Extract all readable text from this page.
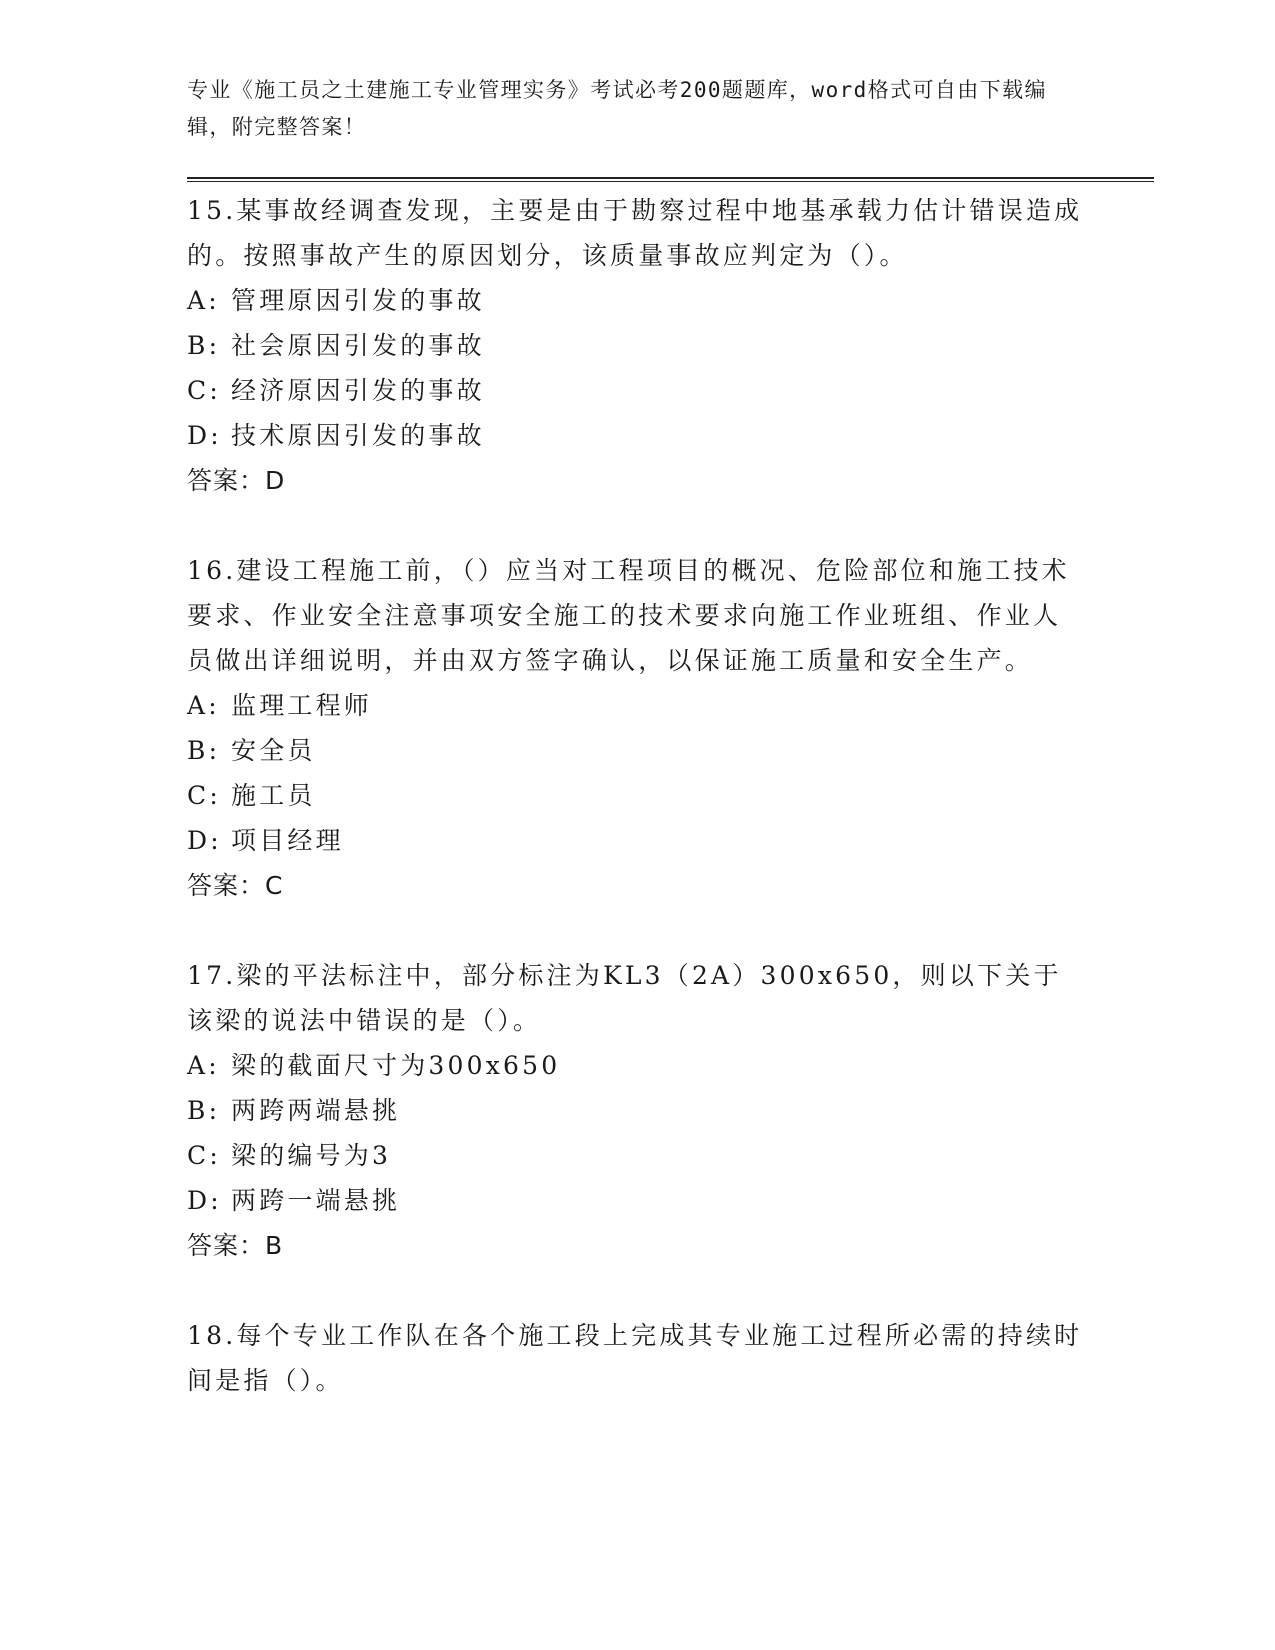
专业《施工员之土建施工专业管理实务》考试必考200题题库，word格式可自由下载编辑，附完整答案！

15.某事故经调查发现，主要是由于勘察过程中地基承载力估计错误造成的。按照事故产生的原因划分，该质量事故应判定为（）。

A: 管理原因引发的事故
B: 社会原因引发的事故
C: 经济原因引发的事故
D: 技术原因引发的事故
答案：D

16.建设工程施工前，（）应当对工程项目的概况、危险部位和施工技术要求、作业安全注意事项安全施工的技术要求向施工作业班组、作业人员做出详细说明，并由双方签字确认，以保证施工质量和安全生产。

A: 监理工程师
B: 安全员
C: 施工员
D: 项目经理
答案：C

17.梁的平法标注中，部分标注为KL3（2A）300x650，则以下关于该梁的说法中错误的是（）。

A: 梁的截面尺寸为300x650
B: 两跨两端悬挑
C: 梁的编号为3
D: 两跨一端悬挑
答案：B

18.每个专业工作队在各个施工段上完成其专业施工过程所必需的持续时间是指（）。
